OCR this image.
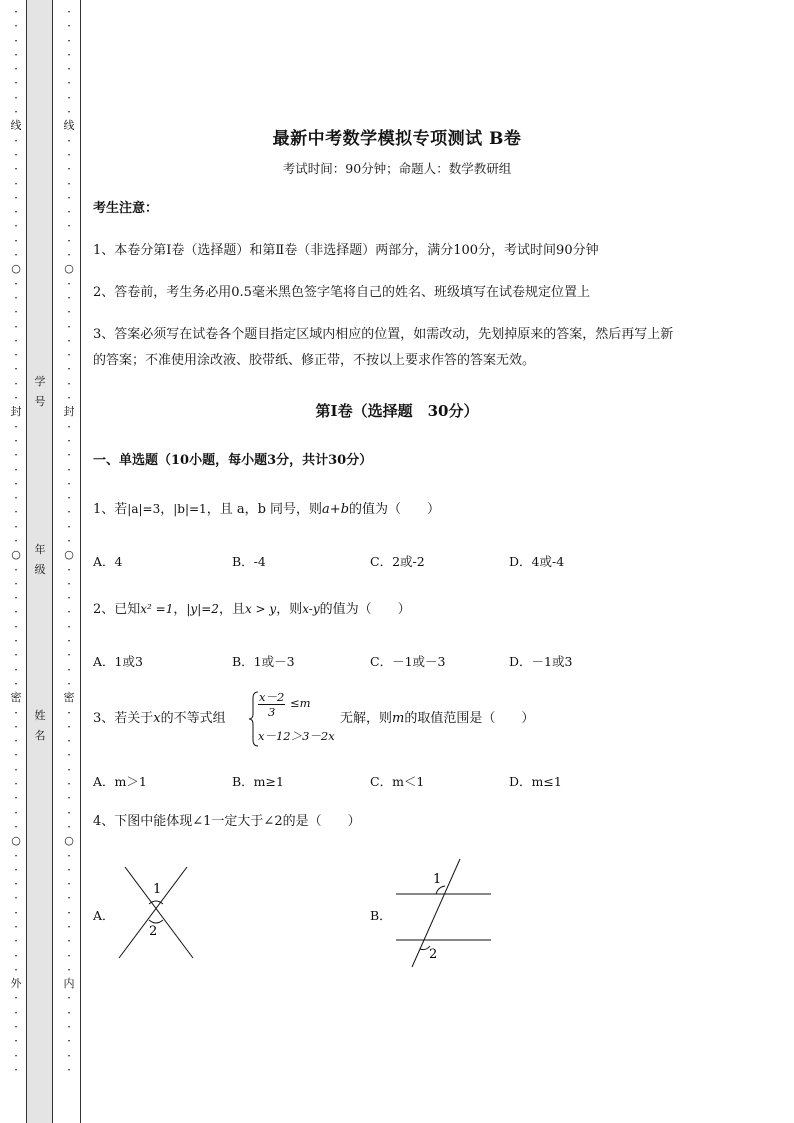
·
·
·
·
·
·
·
·
线
·
·
·
·
·
·
·
·
·
○
·
·
·
·
·
·
·
·
·
封
·
·
·
·
·
·
·
·
·
○
·
·
·
·
·
·
·
·
·
密
·
·
·
·
·
·
·
·
·
○
·
·
·
·
·
·
·
·
·
外
·
·
·
·
·
·
·
·
·
·
·
·
·
·
线
·
·
·
·
·
·
·
·
·
○
·
·
·
·
·
·
·
·
·
封
·
·
·
·
·
·
·
·
·
○
·
·
·
·
·
·
·
·
·
密
·
·
·
·
·
·
·
·
·
○
·
·
·
·
·
·
·
·
·
内
·
·
·
·
·
·
学号
年级
姓名
最新中考数学模拟专项测试 B卷
考试时间：90分钟；命题人：数学教研组
考生注意：
1、本卷分第Ⅰ卷（选择题）和第Ⅱ卷（非选择题）两部分，满分100分，考试时间90分钟
2、答卷前，考生务必用0.5毫米黑色签字笔将自己的姓名、班级填写在试卷规定位置上
3、答案必须写在试卷各个题目指定区域内相应的位置，如需改动，先划掉原来的答案，然后再写上新
的答案；不准使用涂改液、胶带纸、修正带，不按以上要求作答的答案无效。
第Ⅰ卷（选择题　30分）
一、单选题（10小题，每小题3分，共计30分）
1、若|a|=3，|b|=1，且 a，b 同号，则a+b的值为（　　）
A．4	B．-4	C．2或-2	D．4或-4
2、已知x² =1，|y|=2，且x > y，则x-y的值为（　　）
A．1或3	B．1或－3	C．－1或－3	D．－1或3
3、若关于x的不等式组	$\frac{x-2}{3} \le m$
x－12＞3－2x
无解，则m的取值范围是（　　）
A．m＞1	B．m≥1	C．m＜1	D．m≤1
4、下图中能体现∠1一定大于∠2的是（　　）
A．	B．
1
2
1
2
